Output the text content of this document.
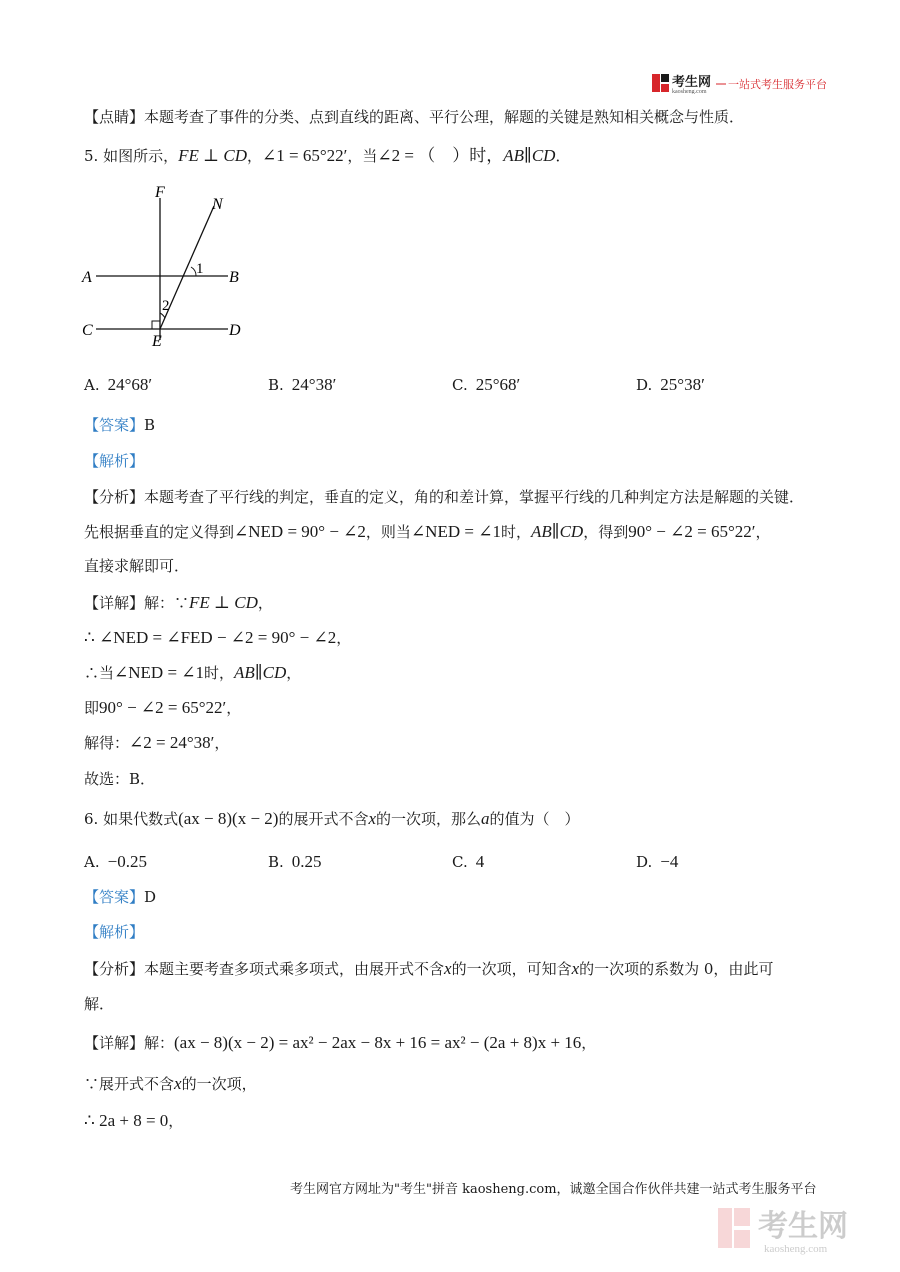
考生网
kaosheng.com
一站式考生服务平台
【点睛】本题考查了事件的分类、点到直线的距离、平行公理，解题的关键是熟知相关概念与性质．
5. 如图所示，FE ⊥ CD，∠1 = 65°22′，当∠2 = （　）时，AB∥CD．
F
N
A	B
C	D
E
1
2
A. 24°68′	B. 24°38′	C. 25°68′	D. 25°38′
【答案】B
【解析】
【分析】本题考查了平行线的判定，垂直的定义，角的和差计算，掌握平行线的几种判定方法是解题的关键．
先根据垂直的定义得到∠NED = 90° − ∠2，则当∠NED = ∠1时，AB∥CD，得到90° − ∠2 = 65°22′，
直接求解即可．
【详解】解：∵FE ⊥ CD，
∴ ∠NED = ∠FED − ∠2 = 90° − ∠2，
∴当∠NED = ∠1时，AB∥CD，
即90° − ∠2 = 65°22′，
解得：∠2 = 24°38′，
故选：B．
6. 如果代数式(ax − 8)(x − 2)的展开式不含x的一次项，那么a的值为（　）
A. −0.25	B. 0.25	C. 4	D. −4
【答案】D
【解析】
【分析】本题主要考查多项式乘多项式，由展开式不含x的一次项，可知含x的一次项的系数为 0，由此可
解．
【详解】解：(ax − 8)(x − 2) = ax² − 2ax − 8x + 16 = ax² − (2a + 8)x + 16，
∵展开式不含x的一次项，
∴ 2a + 8 = 0，
考生网官方网址为"考生"拼音 kaosheng.com，诚邀全国合作伙伴共建一站式考生服务平台
考生网
kaosheng.com
